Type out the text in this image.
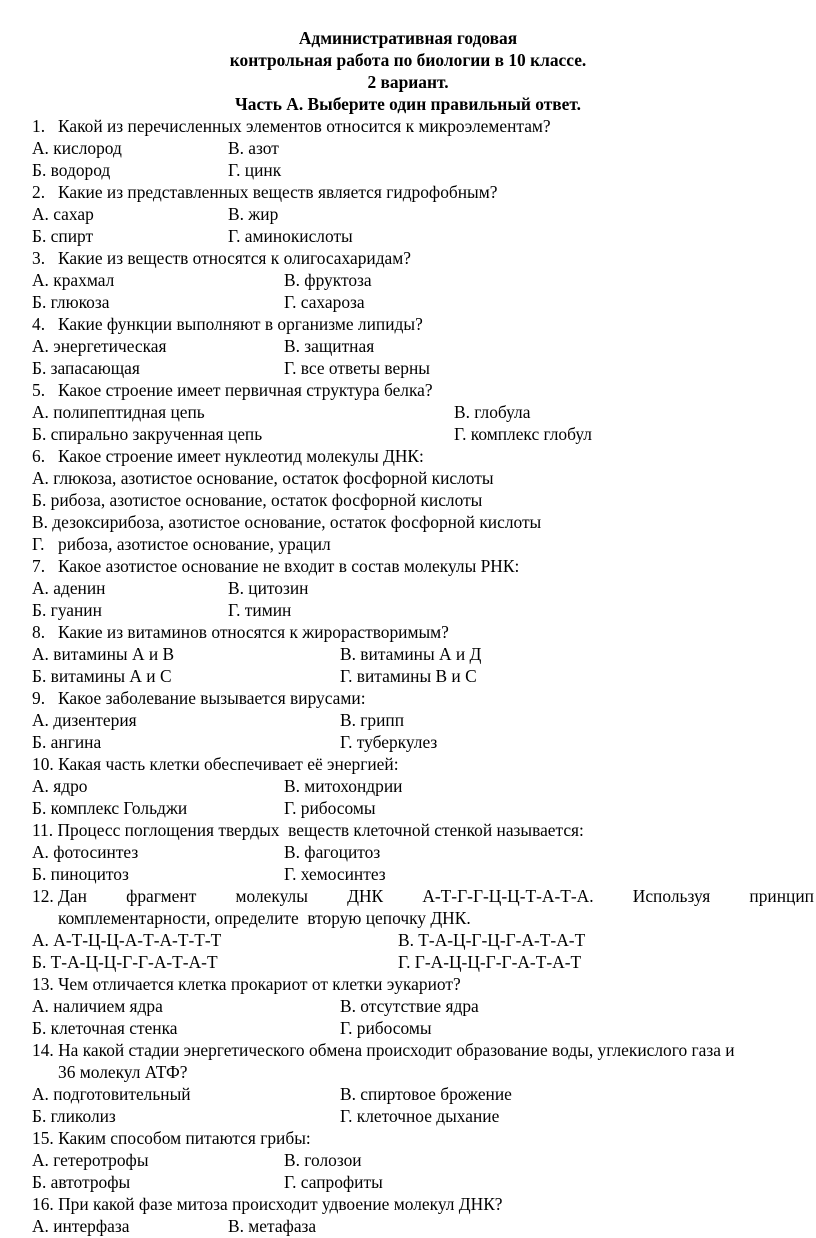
Административная годовая
контрольная работа по биологии в 10 классе.
2 вариант.
Часть А. Выберите один правильный ответ.
1. Какой из перечисленных элементов относится к микроэлементам?
А. кислород	В. азот
Б. водород	Г. цинк
2. Какие из представленных веществ является гидрофобным?
А. сахар	В. жир
Б. спирт	Г. аминокислоты
3. Какие из веществ относятся к олигосахаридам?
А. крахмал	В. фруктоза
Б. глюкоза	Г. сахароза
4. Какие функции выполняют в организме липиды?
А. энергетическая	В. защитная
Б. запасающая	Г. все ответы верны
5. Какое строение имеет первичная структура белка?
А. полипептидная цепь	В. глобула
Б. спирально закрученная цепь	Г. комплекс глобул
6. Какое строение имеет нуклеотид молекулы ДНК:
А. глюкоза, азотистое основание, остаток фосфорной кислоты
Б. рибоза, азотистое основание, остаток фосфорной кислоты
В. дезоксирибоза, азотистое основание, остаток фосфорной кислоты
Г. рибоза, азотистое основание, урацил
7. Какое азотистое основание не входит в состав молекулы РНК:
А. аденин	В. цитозин
Б. гуанин	Г. тимин
8. Какие из витаминов относятся к жирорастворимым?
А. витамины А и В	В. витамины А и Д
Б. витамины А и С	Г. витамины В и С
9. Какое заболевание вызывается вирусами:
А. дизентерия	В. грипп
Б. ангина	Г. туберкулез
10. Какая часть клетки обеспечивает её энергией:
А. ядро	В. митохондрии
Б. комплекс Гольджи	Г. рибосомы
11. Процесс поглощения твердых  веществ клеточной стенкой называется:
А. фотосинтез	В. фагоцитоз
Б. пиноцитоз	Г. хемосинтез
12. Дан фрагмент молекулы ДНК А-Т-Г-Г-Ц-Ц-Т-А-Т-А. Используя принцип
комплементарности, определите  вторую цепочку ДНК.
А. А-Т-Ц-Ц-А-Т-А-Т-Т-Т	В. Т-А-Ц-Г-Ц-Г-А-Т-А-Т
Б. Т-А-Ц-Ц-Г-Г-А-Т-А-Т	Г. Г-А-Ц-Ц-Г-Г-А-Т-А-Т
13. Чем отличается клетка прокариот от клетки эукариот?
А. наличием ядра	В. отсутствие ядра
Б. клеточная стенка	Г. рибосомы
14. На какой стадии энергетического обмена происходит образование воды, углекислого газа и
36 молекул АТФ?
А. подготовительный	В. спиртовое брожение
Б. гликолиз	Г. клеточное дыхание
15. Каким способом питаются грибы:
А. гетеротрофы	В. голозои
Б. автотрофы	Г. сапрофиты
16. При какой фазе митоза происходит удвоение молекул ДНК?
А. интерфаза	В. метафаза
